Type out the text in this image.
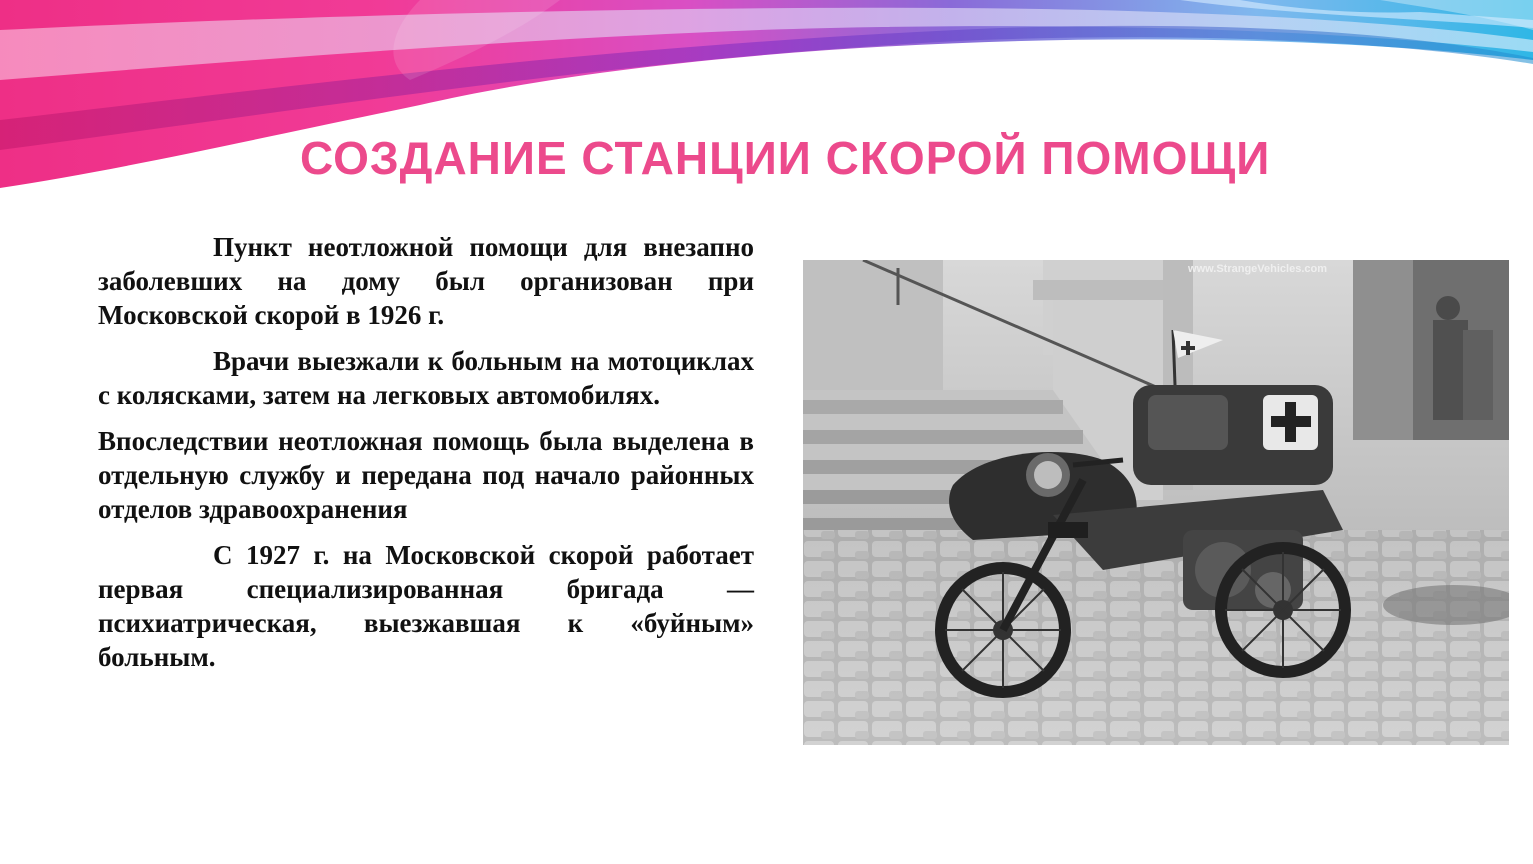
СОЗДАНИЕ СТАНЦИИ СКОРОЙ ПОМОЩИ

Пункт неотложной помощи для внезапно заболевших на дому был организован при Московской скорой в 1926 г.

Врачи выезжали к больным на мотоциклах с колясками, затем на легковых автомобилях.

Впоследствии неотложная помощь была выделена в отдельную службу и передана под начало районных отделов здравоохранения

С 1927 г. на Московской скорой работает первая специализированная бригада — психиатрическая, выезжавшая к «буйным» больным.

www.StrangeVehicles.com
